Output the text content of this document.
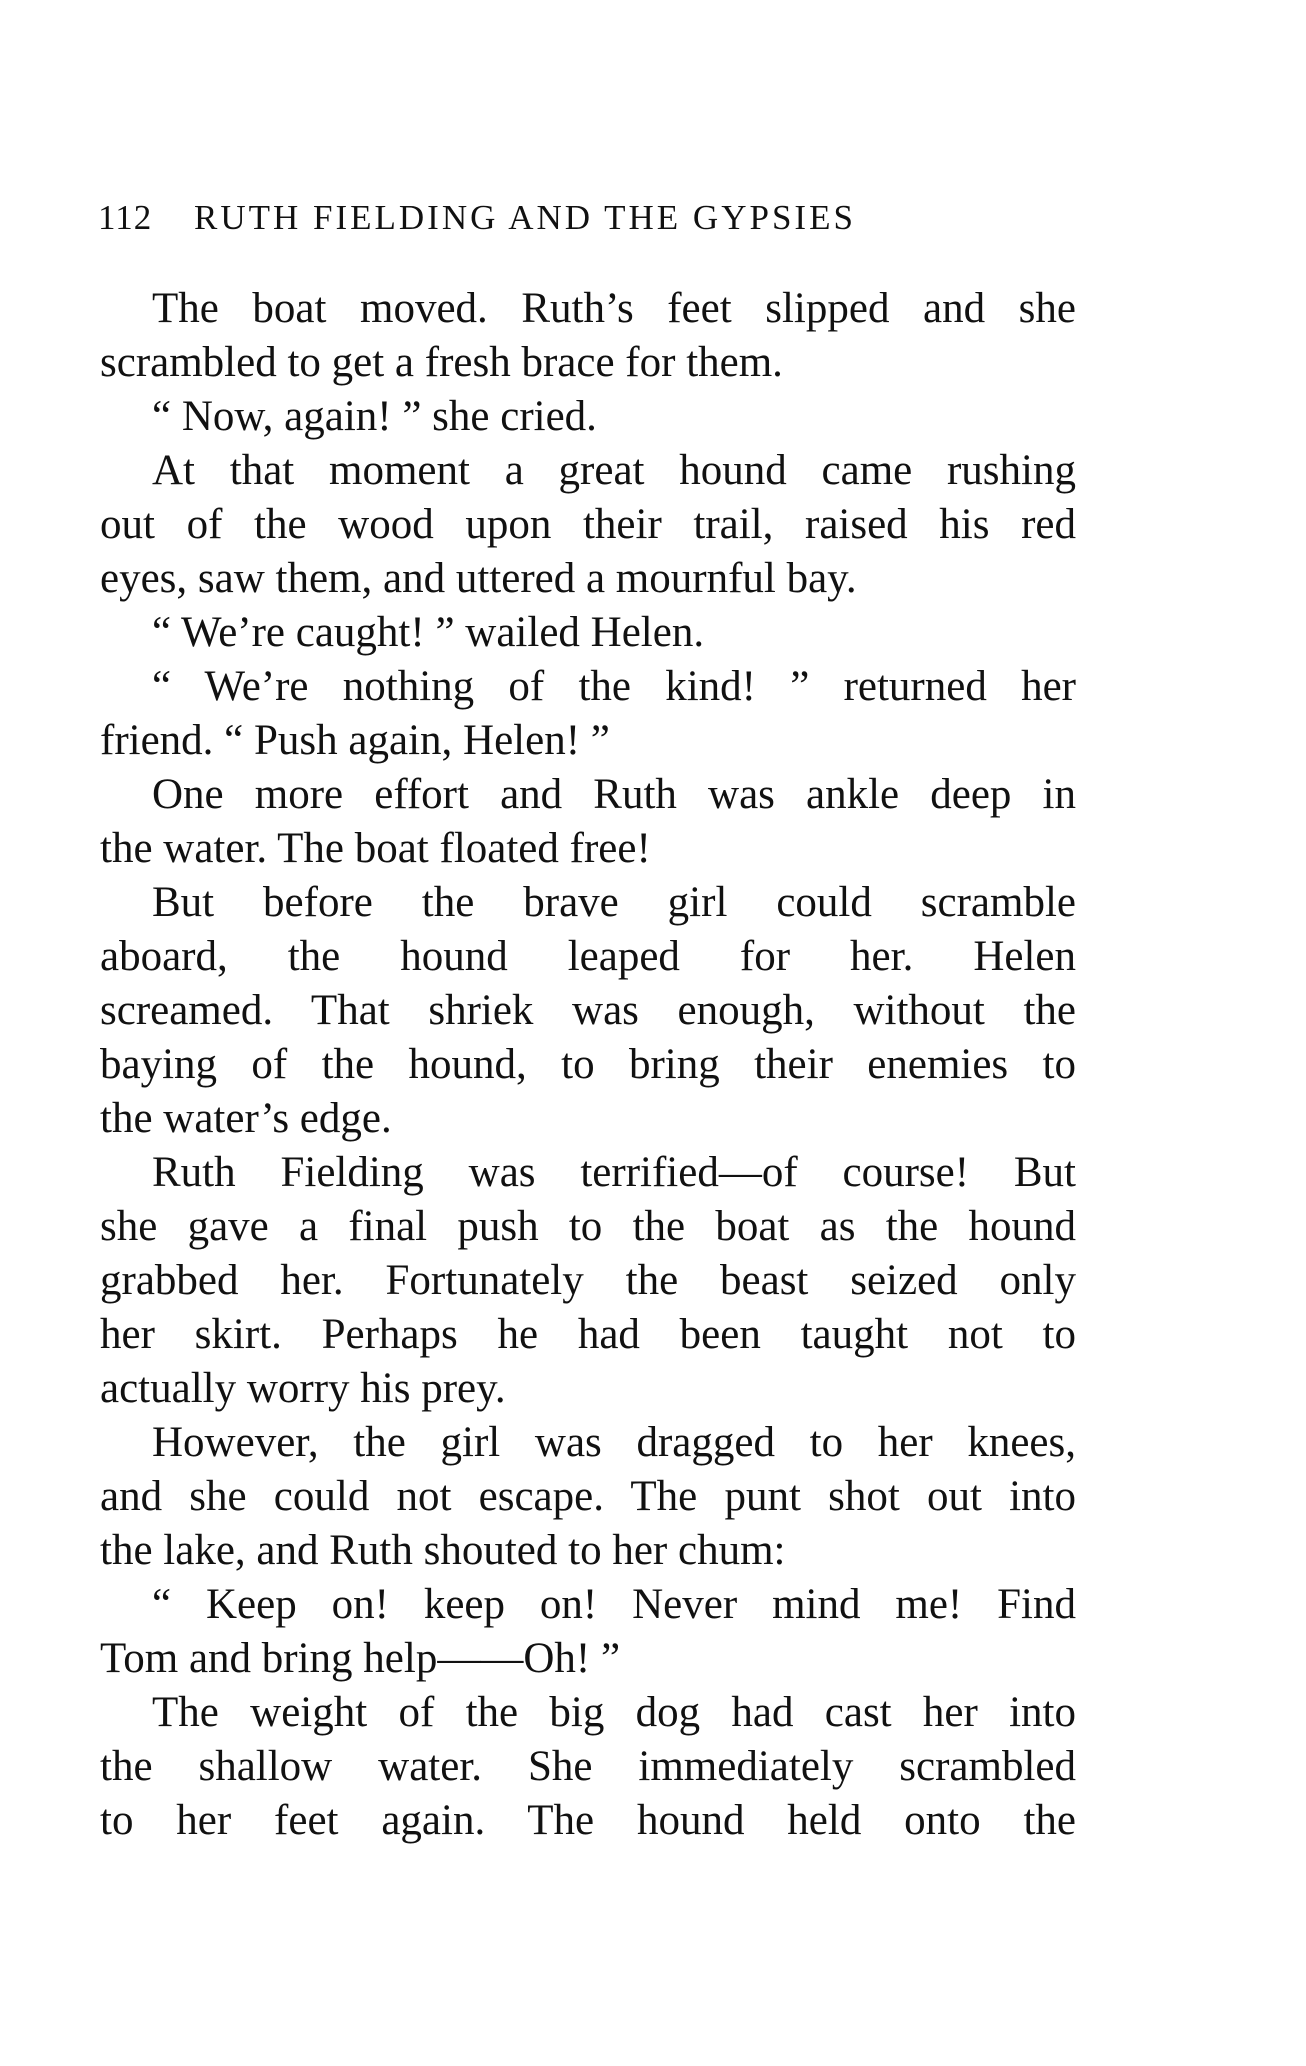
112 RUTH FIELDING AND THE GYPSIES
The boat moved. Ruth’s feet slipped and she
scrambled to get a fresh brace for them.
“ Now, again! ” she cried.
At that moment a great hound came rushing
out of the wood upon their trail, raised his red
eyes, saw them, and uttered a mournful bay.
“ We’re caught! ” wailed Helen.
“ We’re nothing of the kind! ” returned her
friend. “ Push again, Helen! ”
One more effort and Ruth was ankle deep in
the water. The boat floated free!
But before the brave girl could scramble
aboard, the hound leaped for her. Helen
screamed. That shriek was enough, without the
baying of the hound, to bring their enemies to
the water’s edge.
Ruth Fielding was terrified—of course! But
she gave a final push to the boat as the hound
grabbed her. Fortunately the beast seized only
her skirt. Perhaps he had been taught not to
actually worry his prey.
However, the girl was dragged to her knees,
and she could not escape. The punt shot out into
the lake, and Ruth shouted to her chum:
“ Keep on! keep on! Never mind me! Find
Tom and bring help——Oh! ”
The weight of the big dog had cast her into
the shallow water. She immediately scrambled
to her feet again. The hound held onto the
